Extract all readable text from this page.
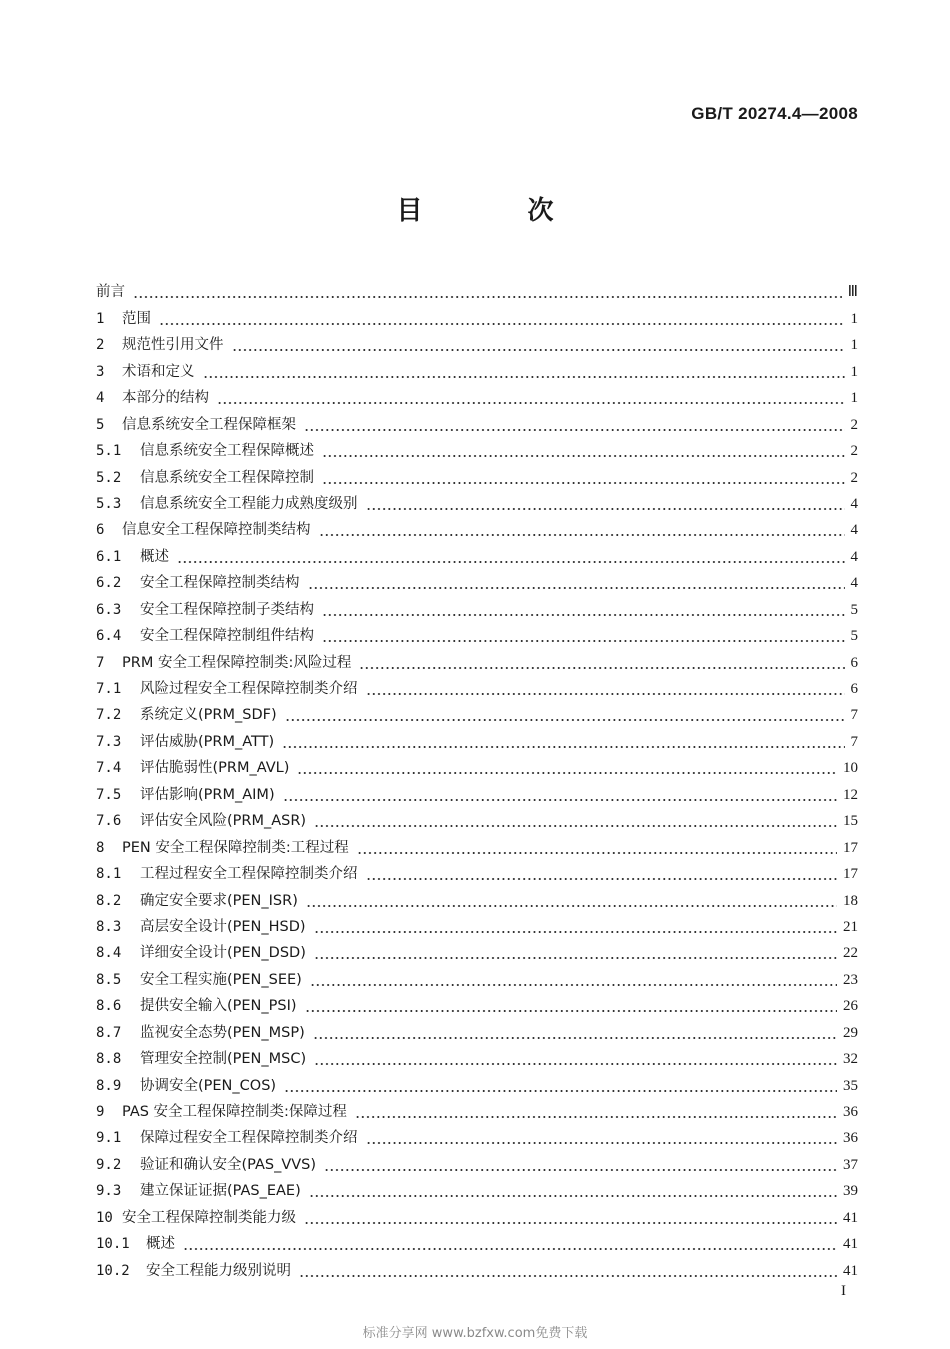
GB/T 20274.4—2008
目 次
前言	Ⅲ
1	范围	1
2	规范性引用文件	1
3	术语和定义	1
4	本部分的结构	1
5	信息系统安全工程保障框架	2
5.1	信息系统安全工程保障概述	2
5.2	信息系统安全工程保障控制	2
5.3	信息系统安全工程能力成熟度级别	4
6	信息安全工程保障控制类结构	4
6.1	概述	4
6.2	安全工程保障控制类结构	4
6.3	安全工程保障控制子类结构	5
6.4	安全工程保障控制组件结构	5
7	PRM 安全工程保障控制类:风险过程	6
7.1	风险过程安全工程保障控制类介绍	6
7.2	系统定义(PRM_SDF)	7
7.3	评估威胁(PRM_ATT)	7
7.4	评估脆弱性(PRM_AVL)	10
7.5	评估影响(PRM_AIM)	12
7.6	评估安全风险(PRM_ASR)	15
8	PEN 安全工程保障控制类:工程过程	17
8.1	工程过程安全工程保障控制类介绍	17
8.2	确定安全要求(PEN_ISR)	18
8.3	高层安全设计(PEN_HSD)	21
8.4	详细安全设计(PEN_DSD)	22
8.5	安全工程实施(PEN_SEE)	23
8.6	提供安全输入(PEN_PSI)	26
8.7	监视安全态势(PEN_MSP)	29
8.8	管理安全控制(PEN_MSC)	32
8.9	协调安全(PEN_COS)	35
9	PAS 安全工程保障控制类:保障过程	36
9.1	保障过程安全工程保障控制类介绍	36
9.2	验证和确认安全(PAS_VVS)	37
9.3	建立保证证据(PAS_EAE)	39
10 安全工程保障控制类能力级	41
10.1	概述	41
10.2	安全工程能力级别说明	41
I
标准分享网 www.bzfxw.com免费下载
